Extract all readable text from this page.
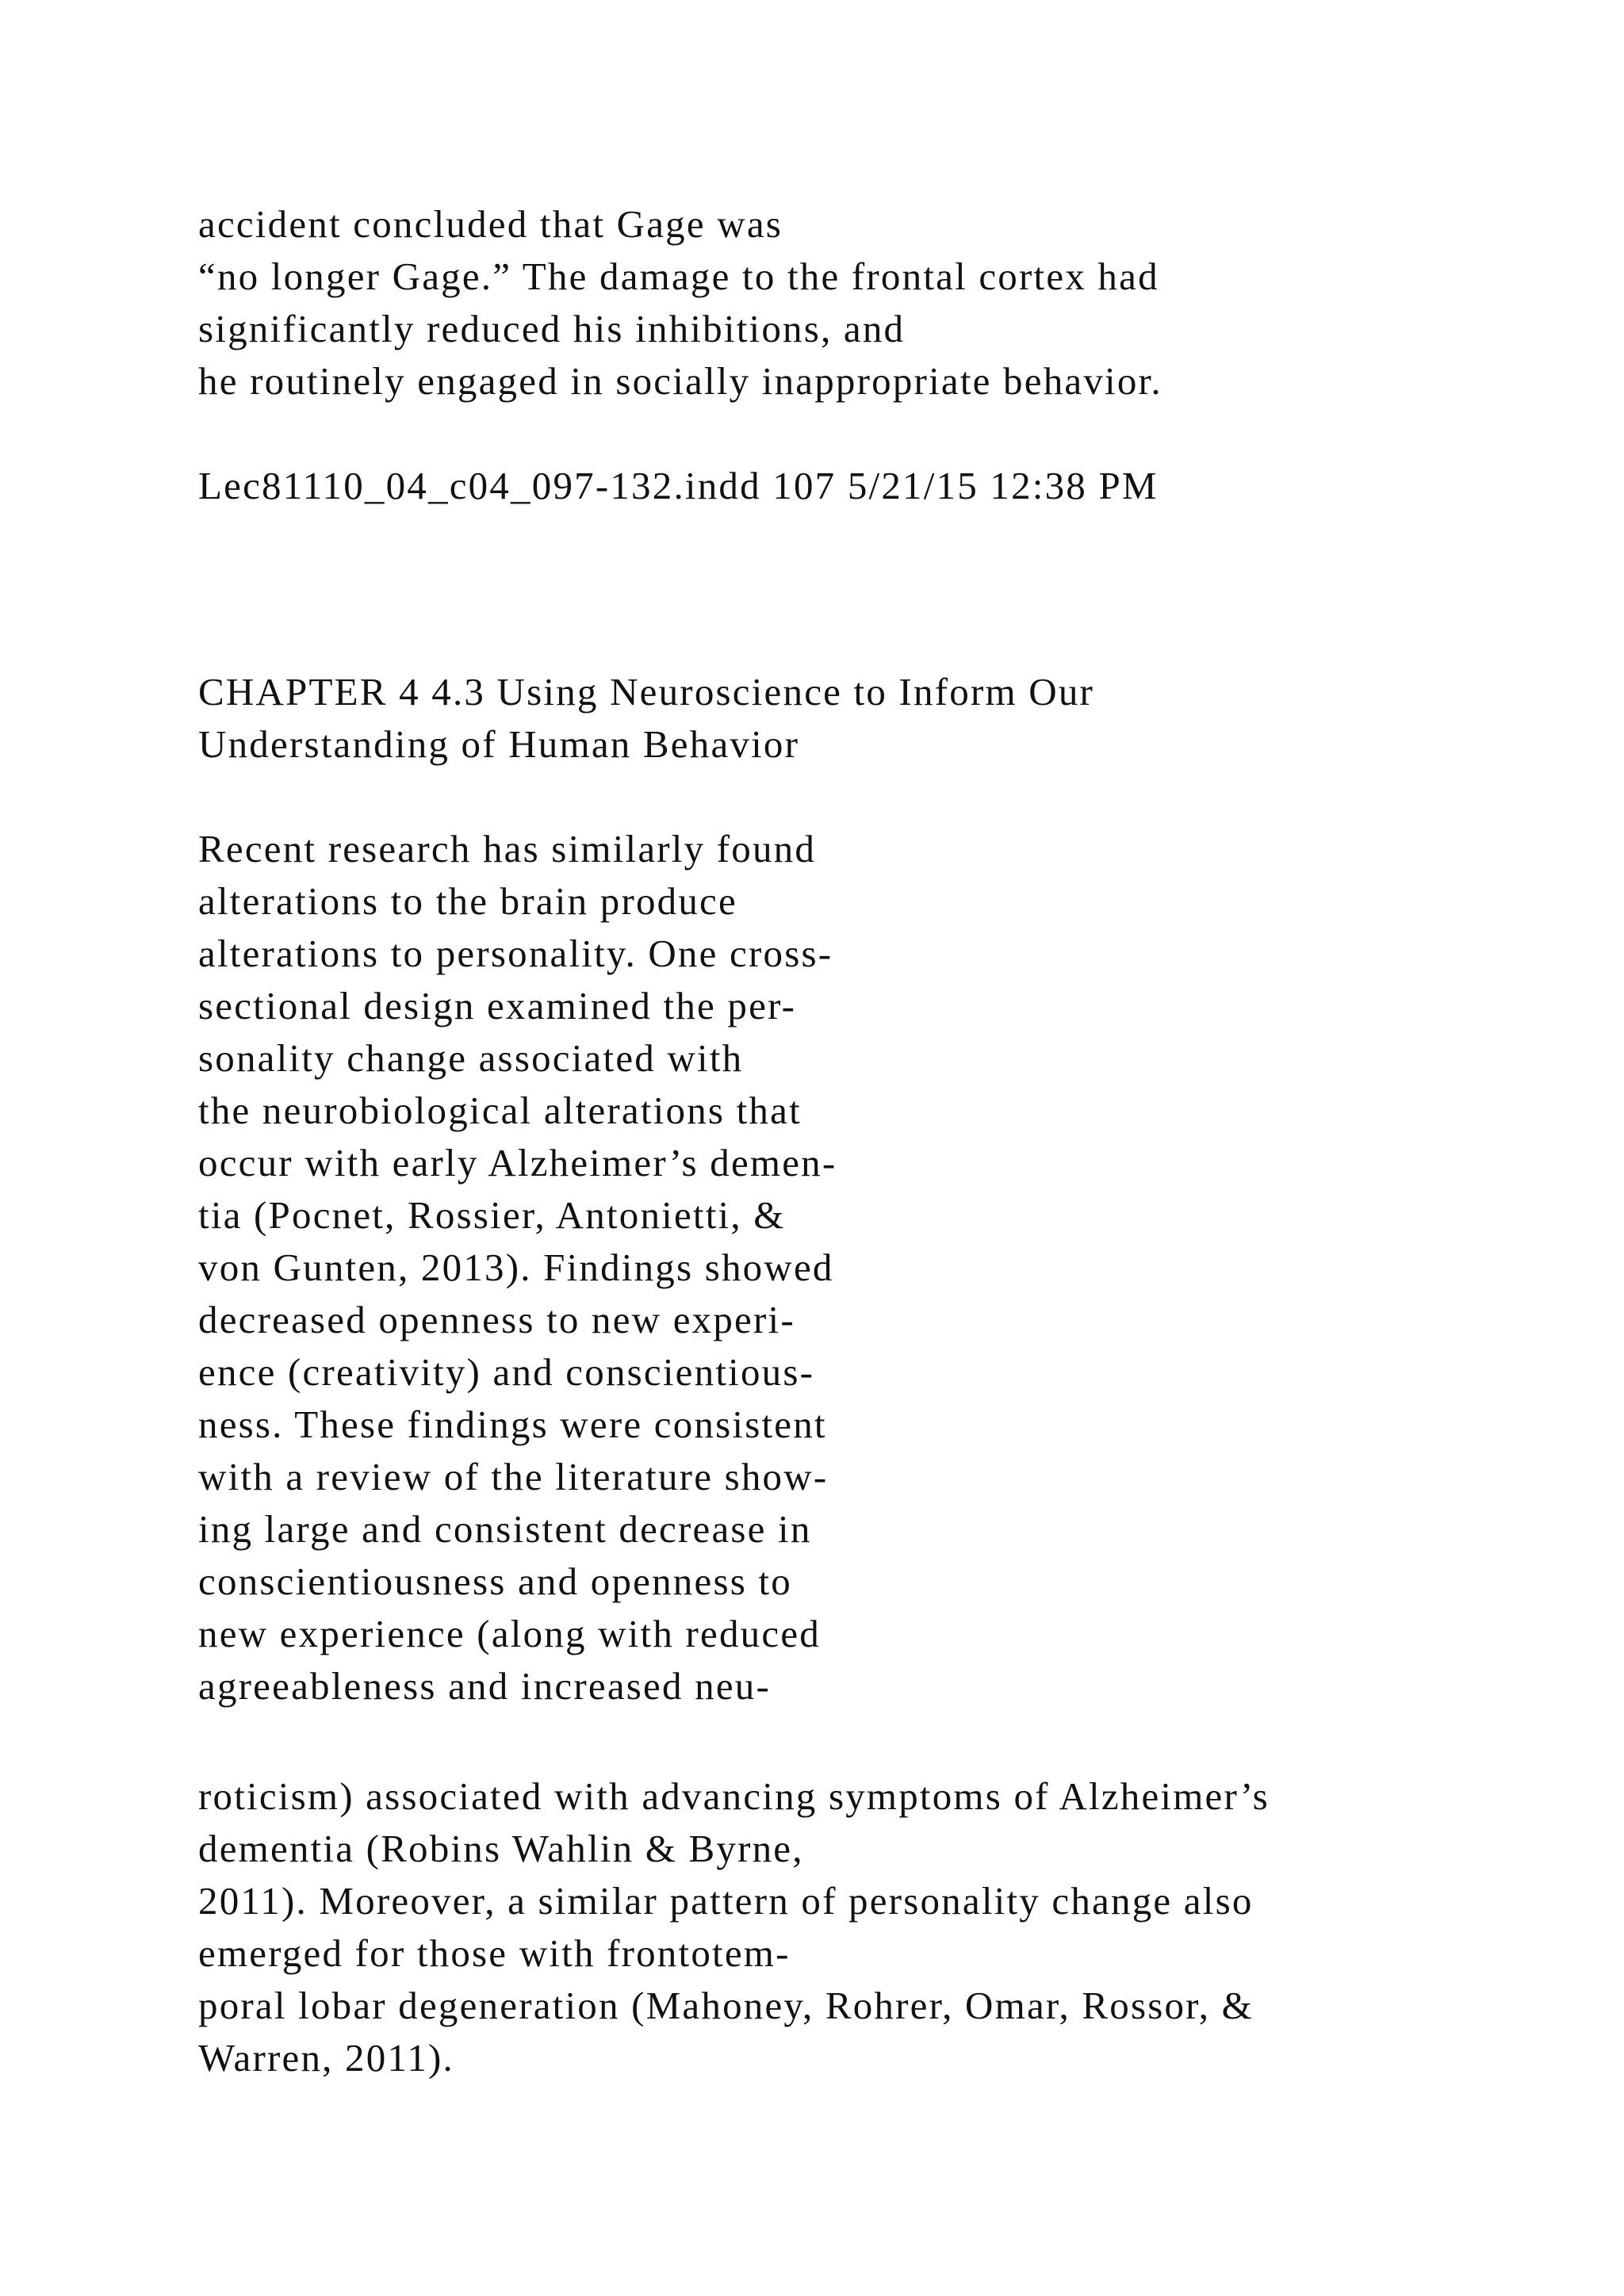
accident concluded that Gage was
“no longer Gage.” The damage to the frontal cortex had
significantly reduced his inhibitions, and
he routinely engaged in socially inappropriate behavior.

Lec81110_04_c04_097-132.indd 107 5/21/15 12:38 PM

CHAPTER 4 4.3 Using Neuroscience to Inform Our
Understanding of Human Behavior

Recent research has similarly found
alterations to the brain produce
alterations to personality. One cross-
sectional design examined the per-
sonality change associated with
the neurobiological alterations that
occur with early Alzheimer’s demen-
tia (Pocnet, Rossier, Antonietti, &
von Gunten, 2013). Findings showed
decreased openness to new experi-
ence (creativity) and conscientious-
ness. These findings were consistent
with a review of the literature show-
ing large and consistent decrease in
conscientiousness and openness to
new experience (along with reduced
agreeableness and increased neu-

roticism) associated with advancing symptoms of Alzheimer’s
dementia (Robins Wahlin & Byrne,
2011). Moreover, a similar pattern of personality change also
emerged for those with frontotem-
poral lobar degeneration (Mahoney, Rohrer, Omar, Rossor, &
Warren, 2011).
